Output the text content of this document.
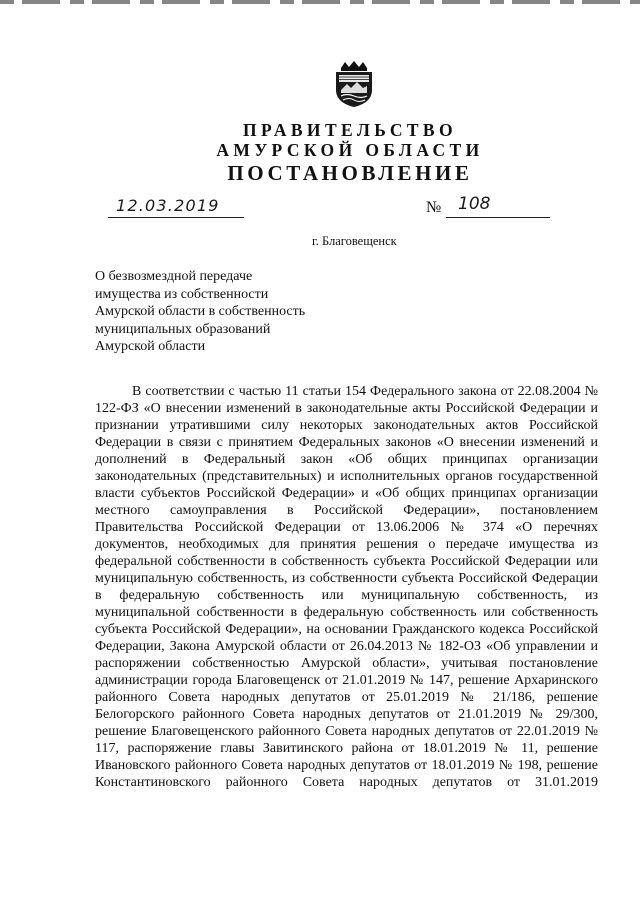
ПРАВИТЕЛЬСТВО
АМУРСКОЙ ОБЛАСТИ
ПОСТАНОВЛЕНИЕ
12.03.2019	№ 108
г. Благовещенск
О безвозмездной передаче
имущества из собственности
Амурской области в собственность
муниципальных образований
Амурской области

В соответствии с частью 11 статьи 154 Федерального закона от 22.08.2004 № 122-ФЗ «О внесении изменений в законодательные акты Российской Федерации и признании утратившими силу некоторых законодательных актов Российской Федерации в связи с принятием Федеральных законов «О внесении изменений и дополнений в Федеральный закон «Об общих принципах организации законодательных (представительных) и исполнительных органов государственной власти субъектов Российской Федерации» и «Об общих принципах организации местного самоуправления в Российской Федерации», постановлением Правительства Российской Федерации от 13.06.2006 № 374 «О перечнях документов, необходимых для принятия решения о передаче имущества из федеральной собственности в собственность субъекта Российской Федерации или муниципальную собственность, из собственности субъекта Российской Федерации в федеральную собственность или муниципальную собственность, из муниципальной собственности в федеральную собственность или собственность субъекта Российской Федерации», на основании Гражданского кодекса Российской Федерации, Закона Амурской области от 26.04.2013 № 182-ОЗ «Об управлении и распоряжении собственностью Амурской области», учитывая постановление администрации города Благовещенск от 21.01.2019 № 147, решение Архаринского районного Совета народных депутатов от 25.01.2019 № 21/186, решение Белогорского районного Совета народных депутатов от 21.01.2019 № 29/300, решение Благовещенского районного Совета народных депутатов от 22.01.2019 № 117, распоряжение главы Завитинского района от 18.01.2019 № 11, решение Ивановского районного Совета народных депутатов от 18.01.2019 № 198, решение Константиновского районного Совета народных депутатов от 31.01.2019
